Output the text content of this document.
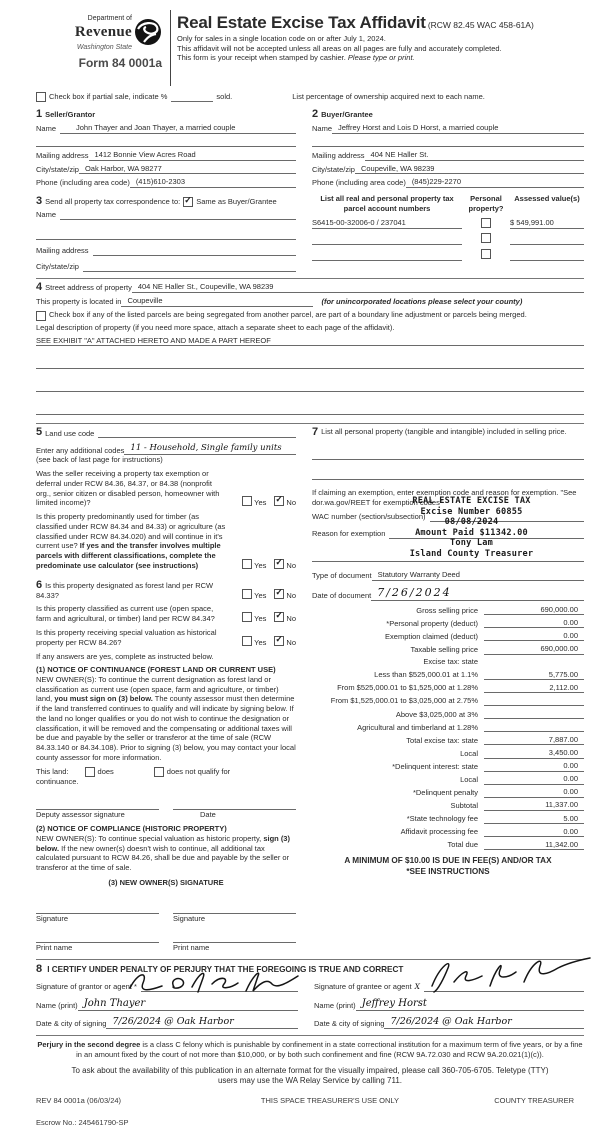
Department of
Revenue
Washington State
Form 84 0001a
Real Estate Excise Tax Affidavit (RCW 82.45 WAC 458-61A)
Only for sales in a single location code on or after July 1, 2024.
This affidavit will not be accepted unless all areas on all pages are fully and accurately completed.
This form is your receipt when stamped by cashier. Please type or print.
Check box if partial sale, indicate %	sold.	List percentage of ownership acquired next to each name.
1 Seller/Grantor
Name	John Thayer and Joan Thayer, a married couple
Mailing address 1412 Bonnie View Acres Road
City/state/zip Oak Harbor, WA 98277
Phone (including area code) (415)610-2303
3 Send all property tax correspondence to: ✓ Same as Buyer/Grantee
Name
Mailing address
City/state/zip
2 Buyer/Grantee
Name Jeffrey Horst and Lois D Horst, a married couple
Mailing address 404 NE Haller St.
City/state/zip Coupeville, WA 98239
Phone (including area code) (845)229-2270
List all real and personal property tax parcel account numbers
Personal property?
Assessed value(s)
S6415-00-32006-0 / 237041	$ 549,991.00
4 Street address of property 404 NE Haller St., Coupeville, WA 98239
This property is located in Coupeville	(for unincorporated locations please select your county)
Check box if any of the listed parcels are being segregated from another parcel, are part of a boundary line adjustment or parcels being merged.
Legal description of property (if you need more space, attach a separate sheet to each page of the affidavit).
SEE EXHIBIT "A" ATTACHED HERETO AND MADE A PART HEREOF
5 Land use code
Enter any additional codes 11 - Household, Single family units
(see back of last page for instructions)
Was the seller receiving a property tax exemption or deferral under RCW 84.36, 84.37, or 84.38 (nonprofit org., senior citizen or disabled person, homeowner with limited income)?	Yes ✓	No
Is this property predominantly used for timber (as classified under RCW 84.34 and 84.33) or agriculture (as classified under RCW 84.34.020) and will continue in it's current use? If yes and the transfer involves multiple parcels with different classifications, complete the predominate use calculator (see instructions)	Yes ✓	No
6 Is this property designated as forest land per RCW 84.33?	Yes ✓	No
Is this property classified as current use (open space, farm and agricultural, or timber) land per RCW 84.34?	Yes ✓	No
Is this property receiving special valuation as historical property per RCW 84.26?	Yes ✓	No
If any answers are yes, complete as instructed below.
(1) NOTICE OF CONTINUANCE (FOREST LAND OR CURRENT USE)
NEW OWNER(S): To continue the current designation as forest land or classification as current use (open space, farm and agriculture, or timber) land, you must sign on (3) below. The county assessor must then determine if the land transferred continues to qualify and will indicate by signing below. If the land no longer qualifies or you do not wish to continue the designation or classification, it will be removed and the compensating or additional taxes will be due and payable by the seller or transferor at the time of sale (RCW 84.33.140 or 84.34.108). Prior to signing (3) below, you may contact your local county assessor for more information.
This land:	does	does not qualify for
continuance.
Deputy assessor signature	Date
(2) NOTICE OF COMPLIANCE (HISTORIC PROPERTY)
NEW OWNER(S): To continue special valuation as historic property, sign (3) below. If the new owner(s) doesn't wish to continue, all additional tax calculated pursuant to RCW 84.26, shall be due and payable by the seller or transferor at the time of sale.
(3) NEW OWNER(S) SIGNATURE
Signature	Signature
Print name	Print name
7 List all personal property (tangible and intangible) included in selling price.
If claiming an exemption, enter exemption code and reason for exemption. "See dor.wa.gov/REET for exemption codes"
WAC number (section/subsection)
Reason for exemption
REAL ESTATE EXCISE TAX
Excise Number 60855
08/08/2024
Amount Paid $11342.00
Tony Lam
Island County Treasurer
Type of document Statutory Warranty Deed
Date of document 7/26/2024
Gross selling price	690,000.00
*Personal property (deduct)	0.00
Exemption claimed (deduct)	0.00
Taxable selling price	690,000.00
Excise tax: state
Less than $525,000.01 at 1.1%	5,775.00
From $525,000.01 to $1,525,000 at 1.28%	2,112.00
From $1,525,000.01 to $3,025,000 at 2.75%
Above $3,025,000 at 3%
Agricultural and timberland at 1.28%
Total excise tax: state	7,887.00
Local	3,450.00
*Delinquent interest: state	0.00
Local	0.00
*Delinquent penalty	0.00
Subtotal	11,337.00
*State technology fee	5.00
Affidavit processing fee	0.00
Total due	11,342.00
A MINIMUM OF $10.00 IS DUE IN FEE(S) AND/OR TAX
*SEE INSTRUCTIONS
8 I CERTIFY UNDER PENALTY OF PERJURY THAT THE FOREGOING IS TRUE AND CORRECT
Signature of grantor or agent *
Name (print) John Thayer
Date & city of signing 7/26/2024 @ Oak Harbor
Signature of grantee or agent X
Name (print) Jeffrey Horst
Date & city of signing 7/26/2024 @ Oak Harbor
Perjury in the second degree is a class C felony which is punishable by confinement in a state correctional institution for a maximum term of five years, or by a fine in an amount fixed by the court of not more than $10,000, or by both such confinement and fine (RCW 9A.72.030 and RCW 9A.20.021(1)(c)).
To ask about the availability of this publication in an alternate format for the visually impaired, please call 360-705-6705. Teletype (TTY) users may use the WA Relay Service by calling 711.
REV 84 0001a (06/03/24)	THIS SPACE TREASURER'S USE ONLY	COUNTY TREASURER
Escrow No.: 245461790-SP
